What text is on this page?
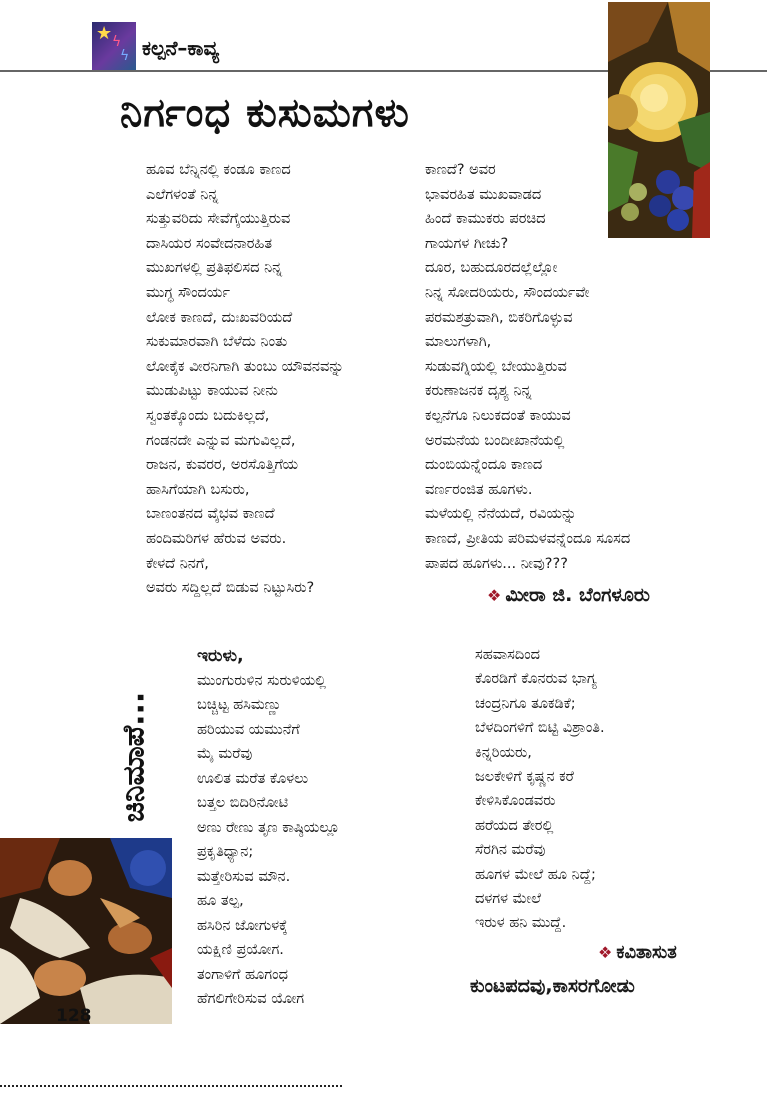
★ ϟ
ϟ ಕಲ್ಪನೆ–ಕಾವ್ಯ
ನಿರ್ಗಂಧ ಕುಸುಮಗಳು
ಹೂವ ಬೆನ್ನಿನಲ್ಲಿ ಕಂಡೂ ಕಾಣದ
ಎಲೆಗಳಂತೆ ನಿನ್ನ
ಸುತ್ತುವರಿದು ಸೇವೆಗೈಯುತ್ತಿರುವ
ದಾಸಿಯರ ಸಂವೇದನಾರಹಿತ
ಮುಖಗಳಲ್ಲಿ ಪ್ರತಿಫಲಿಸದ ನಿನ್ನ
ಮುಗ್ಧ ಸೌಂದರ್ಯ
ಲೋಕ ಕಾಣದೆ, ದುಃಖವರಿಯದೆ
ಸುಕುಮಾರವಾಗಿ ಬೆಳೆದು ನಿಂತು
ಲೋಕೈಕ ವೀರನಿಗಾಗಿ ತುಂಬು ಯೌವನವನ್ನು
ಮುಡುಪಿಟ್ಟು ಕಾಯುವ ನೀನು
ಸ್ವಂತಕ್ಕೊಂದು ಬದುಕಿಲ್ಲದೆ,
ಗಂಡನದೇ ಎನ್ನುವ ಮಗುವಿಲ್ಲದೆ,
ರಾಜನ, ಕುವರರ, ಅರಸೊತ್ತಿಗೆಯ
ಹಾಸಿಗೆಯಾಗಿ ಬಸುರು,
ಬಾಣಂತನದ ವೈಭವ ಕಾಣದೆ
ಹಂದಿಮರಿಗಳ ಹೆರುವ ಅವರು.
ಕೇಳದೆ ನಿನಗೆ,
ಅವರು ಸದ್ದಿಲ್ಲದೆ ಬಿಡುವ ನಿಟ್ಟುಸಿರು?
ಕಾಣದೆ? ಅವರ
ಭಾವರಹಿತ ಮುಖವಾಡದ
ಹಿಂದೆ ಕಾಮುಕರು ಪರಚಿದ
ಗಾಯಗಳ ಗೀಚು?
ದೂರ, ಬಹುದೂರದಲ್ಲೆಲ್ಲೋ
ನಿನ್ನ ಸೋದರಿಯರು, ಸೌಂದರ್ಯವೇ
ಪರಮಶತ್ರುವಾಗಿ, ಬಿಕರಿಗೊಳ್ಳುವ
ಮಾಲುಗಳಾಗಿ,
ಸುಡುವಗ್ನಿಯಲ್ಲಿ ಬೇಯುತ್ತಿರುವ
ಕರುಣಾಜನಕ ದೃಶ್ಯ ನಿನ್ನ
ಕಲ್ಪನೆಗೂ ನಿಲುಕದಂತೆ ಕಾಯುವ
ಅರಮನೆಯ ಬಂದೀಖಾನೆಯಲ್ಲಿ
ದುಂಬಿಯನ್ನೆಂದೂ ಕಾಣದ
ವರ್ಣರಂಜಿತ ಹೂಗಳು.
ಮಳೆಯಲ್ಲಿ ನೆನೆಯದೆ, ರವಿಯನ್ನು
ಕಾಣದೆ, ಪ್ರೀತಿಯ ಪರಿಮಳವನ್ನೆಂದೂ ಸೂಸದ
ಪಾಪದ ಹೂಗಳು... ನೀವು???
❖ ಮೀರಾ ಜಿ. ಬೆಂಗಳೂರು
ಚಿನಿಮಾಪೆ...
ಇರುಳು,
ಮುಂಗುರುಳಿನ ಸುರುಳಿಯಲ್ಲಿ
ಬಚ್ಚಿಟ್ಟ ಹಸಿಮಣ್ಣು
ಹರಿಯುವ ಯಮುನೆಗೆ
ಮೈ ಮರೆವು
ಊಲಿತ ಮರೆತ ಕೊಳಲು
ಬತ್ತಲ ಬಿದಿರಿನೋಟಿ
ಅಣು ರೇಣು ತೃಣ ಕಾಷ್ಠಿಯಲ್ಲೂ
ಪ್ರಕೃತಿಧ್ಯಾನ;
ಮತ್ತೇರಿಸುವ ಮೌನ.
ಹೂ ತಲ್ಪ,
ಹಸಿರಿನ ಜೋಗುಳಕ್ಕೆ
ಯಕ್ಷಿಣಿ ಪ್ರಯೋಗ.
ತಂಗಾಳಿಗೆ ಹೂಗಂಧ
ಹೆಗಲಿಗೇರಿಸುವ ಯೋಗ
ಸಹವಾಸದಿಂದ
ಕೊರಡಿಗೆ ಕೊನರುವ ಭಾಗ್ಯ
ಚಂದ್ರನಿಗೂ ತೂಕಡಿಕೆ;
ಬೆಳದಿಂಗಳಿಗೆ ಬಿಟ್ಟಿ ವಿಶ್ರಾಂತಿ.
ಕಿನ್ನರಿಯರು,
ಜಲಕೇಳಿಗೆ ಕೃಷ್ಣನ ಕರೆ
ಕೇಳಿಸಿಕೊಂಡವರು
ಹರೆಯದ ತೇರಲ್ಲಿ
ಸೆರಗಿನ ಮರೆವು
ಹೂಗಳ ಮೇಲೆ ಹೂ ನಿದ್ದೆ;
ದಳಗಳ ಮೇಲೆ
ಇರುಳ ಹನಿ ಮುದ್ದೆ.
❖ ಕವಿತಾಸುತ
ಕುಂಟಪದವು,ಕಾಸರಗೋಡು
128
